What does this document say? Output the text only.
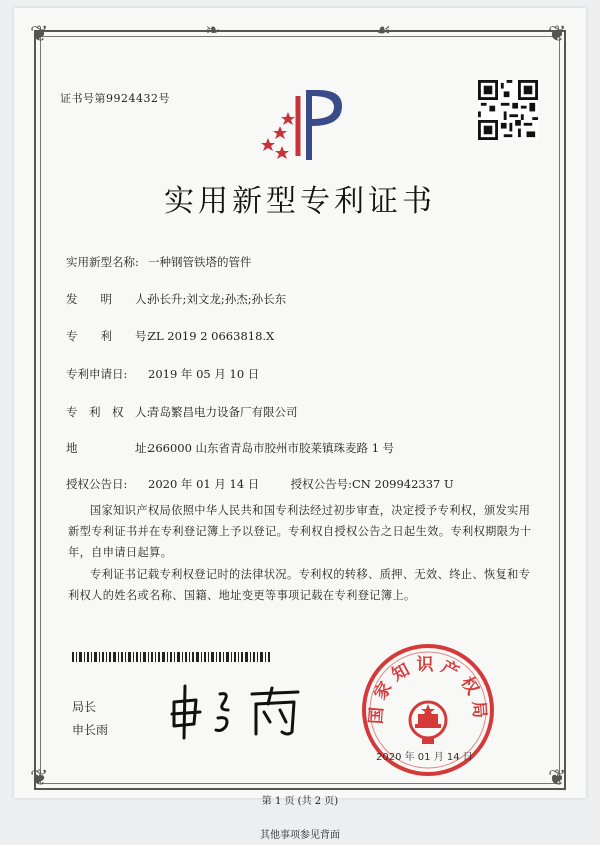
❦	❦
❦	❦
❧	☙
证书号第9924432号
实用新型专利证书
实用新型名称: 一种钢管铁塔的管件
发　　明　　人:孙长升;刘文龙;孙杰;孙长东
专　　利　　号:ZL 2019 2 0663818.X
专利申请日: 2019 年 05 月 10 日
专　利　权　人:青岛繁昌电力设备厂有限公司
地　　　　　址:266000 山东省青岛市胶州市胶莱镇珠麦路 1 号
授权公告日: 2020 年 01 月 14 日	授权公告号:CN 209942337 U
国家知识产权局依照中华人民共和国专利法经过初步审查，决定授予专利权，颁发实用新型专利证书并在专利登记簿上予以登记。专利权自授权公告之日起生效。专利权期限为十年，自申请日起算。
专利证书记载专利权登记时的法律状况。专利权的转移、质押、无效、终止、恢复和专利权人的姓名或名称、国籍、地址变更等事项记载在专利登记簿上。
局长
申长雨
国家知识产权局
2020 年 01 月 14 日
第 1 页 (共 2 页)
其他事项参见背面
